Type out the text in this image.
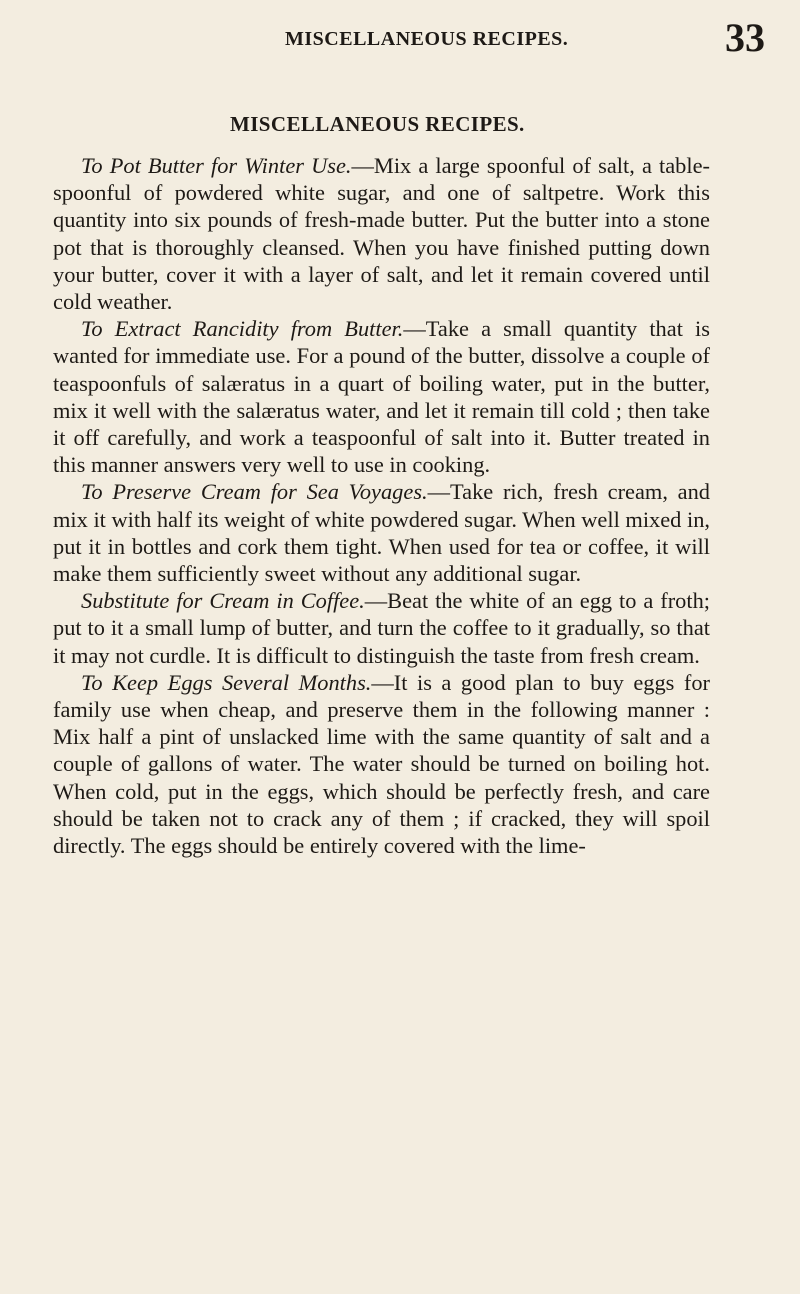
MISCELLANEOUS RECIPES.	33
MISCELLANEOUS RECIPES.

To Pot Butter for Winter Use.—Mix a large spoonful of salt, a table-spoonful of powdered white sugar, and one of saltpetre. Work this quantity into six pounds of fresh-made butter. Put the butter into a stone pot that is thoroughly cleansed. When you have finished putting down your butter, cover it with a layer of salt, and let it remain covered until cold weather.

To Extract Rancidity from Butter.—Take a small quantity that is wanted for immediate use. For a pound of the butter, dissolve a couple of teaspoonfuls of salæratus in a quart of boiling water, put in the butter, mix it well with the salæratus water, and let it remain till cold ; then take it off carefully, and work a teaspoonful of salt into it. Butter treated in this manner answers very well to use in cooking.

To Preserve Cream for Sea Voyages.—Take rich, fresh cream, and mix it with half its weight of white powdered sugar. When well mixed in, put it in bottles and cork them tight. When used for tea or coffee, it will make them sufficiently sweet without any additional sugar.

Substitute for Cream in Coffee.—Beat the white of an egg to a froth; put to it a small lump of butter, and turn the coffee to it gradually, so that it may not curdle. It is difficult to distinguish the taste from fresh cream.

To Keep Eggs Several Months.—It is a good plan to buy eggs for family use when cheap, and preserve them in the following manner : Mix half a pint of unslacked lime with the same quantity of salt and a couple of gallons of water. The water should be turned on boiling hot. When cold, put in the eggs, which should be perfectly fresh, and care should be taken not to crack any of them ; if cracked, they will spoil directly. The eggs should be entirely covered with the lime-
